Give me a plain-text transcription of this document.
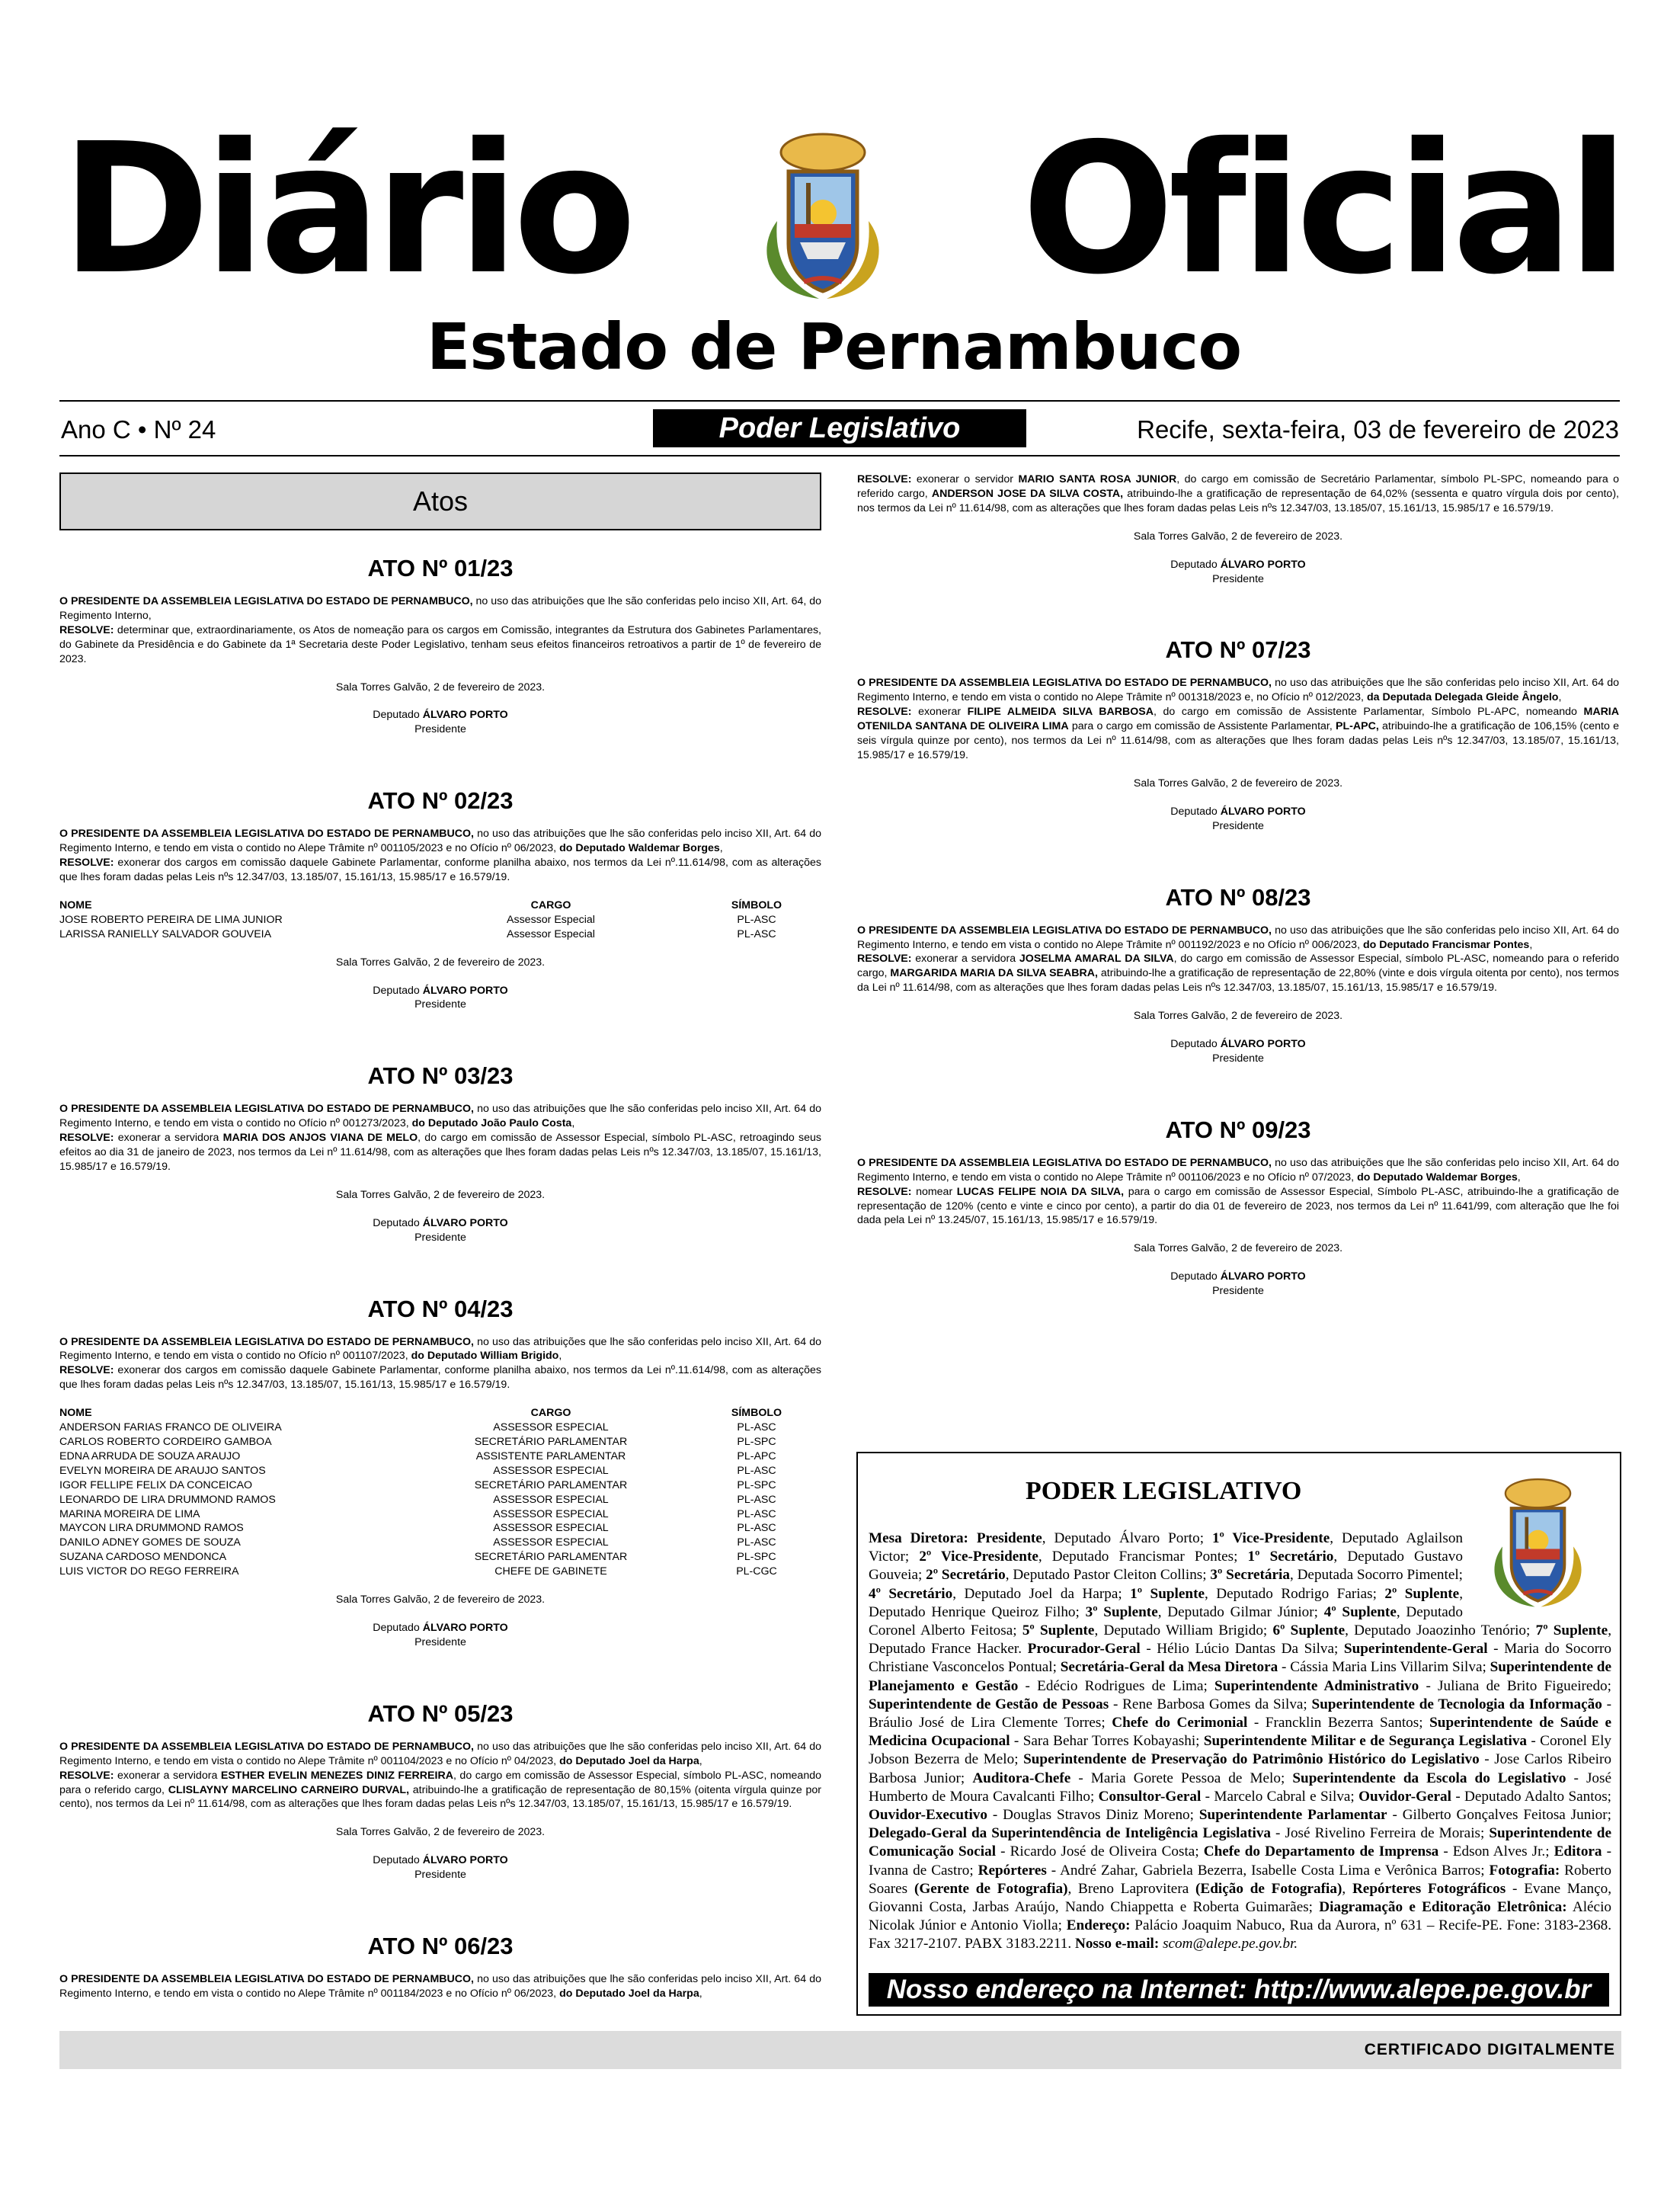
Diário Oficial
Estado de Pernambuco
Ano C • Nº 24	Poder Legislativo	Recife, sexta-feira, 03 de fevereiro de 2023
Atos
ATO Nº 01/23

O PRESIDENTE DA ASSEMBLEIA LEGISLATIVA DO ESTADO DE PERNAMBUCO, no uso das atribuições que lhe são conferidas pelo inciso XII, Art. 64, do Regimento Interno,
RESOLVE: determinar que, extraordinariamente, os Atos de nomeação para os cargos em Comissão, integrantes da Estrutura dos Gabinetes Parlamentares, do Gabinete da Presidência e do Gabinete da 1ª Secretaria deste Poder Legislativo, tenham seus efeitos financeiros retroativos a partir de 1º de fevereiro de 2023.

Sala Torres Galvão, 2 de fevereiro de 2023.

Deputado ÁLVARO PORTO
Presidente

ATO Nº 02/23

O PRESIDENTE DA ASSEMBLEIA LEGISLATIVA DO ESTADO DE PERNAMBUCO, no uso das atribuições que lhe são conferidas pelo inciso XII, Art. 64 do Regimento Interno, e tendo em vista o contido no Alepe Trâmite nº 001105/2023 e no Ofício nº 06/2023, do Deputado Waldemar Borges,
RESOLVE: exonerar dos cargos em comissão daquele Gabinete Parlamentar, conforme planilha abaixo, nos termos da Lei nº.11.614/98, com as alterações que lhes foram dadas pelas Leis nºs 12.347/03, 13.185/07, 15.161/13, 15.985/17 e 16.579/19.

NOME	CARGO	SÍMBOLO
JOSE ROBERTO PEREIRA DE LIMA JUNIOR	Assessor Especial	PL-ASC
LARISSA RANIELLY SALVADOR GOUVEIA	Assessor Especial	PL-ASC

Sala Torres Galvão, 2 de fevereiro de 2023.

Deputado ÁLVARO PORTO
Presidente

ATO Nº 03/23

O PRESIDENTE DA ASSEMBLEIA LEGISLATIVA DO ESTADO DE PERNAMBUCO, no uso das atribuições que lhe são conferidas pelo inciso XII, Art. 64 do Regimento Interno, e tendo em vista o contido no Ofício nº 001273/2023, do Deputado João Paulo Costa,
RESOLVE: exonerar a servidora MARIA DOS ANJOS VIANA DE MELO, do cargo em comissão de Assessor Especial, símbolo PL-ASC, retroagindo seus efeitos ao dia 31 de janeiro de 2023, nos termos da Lei nº 11.614/98, com as alterações que lhes foram dadas pelas Leis nºs 12.347/03, 13.185/07, 15.161/13, 15.985/17 e 16.579/19.

Sala Torres Galvão, 2 de fevereiro de 2023.

Deputado ÁLVARO PORTO
Presidente

ATO Nº 04/23

O PRESIDENTE DA ASSEMBLEIA LEGISLATIVA DO ESTADO DE PERNAMBUCO, no uso das atribuições que lhe são conferidas pelo inciso XII, Art. 64 do Regimento Interno, e tendo em vista o contido no Ofício nº 001107/2023, do Deputado William Brigido,
RESOLVE: exonerar dos cargos em comissão daquele Gabinete Parlamentar, conforme planilha abaixo, nos termos da Lei nº.11.614/98, com as alterações que lhes foram dadas pelas Leis nºs 12.347/03, 13.185/07, 15.161/13, 15.985/17 e 16.579/19.

NOME	CARGO	SÍMBOLO
ANDERSON FARIAS FRANCO DE OLIVEIRA	ASSESSOR ESPECIAL	PL-ASC
CARLOS ROBERTO CORDEIRO GAMBOA	SECRETÁRIO PARLAMENTAR	PL-SPC
EDNA ARRUDA DE SOUZA ARAUJO	ASSISTENTE PARLAMENTAR	PL-APC
EVELYN MOREIRA DE ARAUJO SANTOS	ASSESSOR ESPECIAL	PL-ASC
IGOR FELLIPE FELIX DA CONCEICAO	SECRETÁRIO PARLAMENTAR	PL-SPC
LEONARDO DE LIRA DRUMMOND RAMOS	ASSESSOR ESPECIAL	PL-ASC
MARINA MOREIRA DE LIMA	ASSESSOR ESPECIAL	PL-ASC
MAYCON LIRA DRUMMOND RAMOS	ASSESSOR ESPECIAL	PL-ASC
DANILO ADNEY GOMES DE SOUZA	ASSESSOR ESPECIAL	PL-ASC
SUZANA CARDOSO MENDONCA	SECRETÁRIO PARLAMENTAR	PL-SPC
LUIS VICTOR DO REGO FERREIRA	CHEFE DE GABINETE	PL-CGC

Sala Torres Galvão, 2 de fevereiro de 2023.

Deputado ÁLVARO PORTO
Presidente

ATO Nº 05/23

O PRESIDENTE DA ASSEMBLEIA LEGISLATIVA DO ESTADO DE PERNAMBUCO, no uso das atribuições que lhe são conferidas pelo inciso XII, Art. 64 do Regimento Interno, e tendo em vista o contido no Alepe Trâmite nº 001104/2023 e no Ofício nº 04/2023, do Deputado Joel da Harpa,
RESOLVE: exonerar a servidora ESTHER EVELIN MENEZES DINIZ FERREIRA, do cargo em comissão de Assessor Especial, símbolo PL-ASC, nomeando para o referido cargo, CLISLAYNY MARCELINO CARNEIRO DURVAL, atribuindo-lhe a gratificação de representação de 80,15% (oitenta vírgula quinze por cento), nos termos da Lei nº 11.614/98, com as alterações que lhes foram dadas pelas Leis nºs 12.347/03, 13.185/07, 15.161/13, 15.985/17 e 16.579/19.

Sala Torres Galvão, 2 de fevereiro de 2023.

Deputado ÁLVARO PORTO
Presidente

ATO Nº 06/23

O PRESIDENTE DA ASSEMBLEIA LEGISLATIVA DO ESTADO DE PERNAMBUCO, no uso das atribuições que lhe são conferidas pelo inciso XII, Art. 64 do Regimento Interno, e tendo em vista o contido no Alepe Trâmite nº 001184/2023 e no Ofício nº 06/2023, do Deputado Joel da Harpa,

RESOLVE: exonerar o servidor MARIO SANTA ROSA JUNIOR, do cargo em comissão de Secretário Parlamentar, símbolo PL-SPC, nomeando para o referido cargo, ANDERSON JOSE DA SILVA COSTA, atribuindo-lhe a gratificação de representação de 64,02% (sessenta e quatro vírgula dois por cento), nos termos da Lei nº 11.614/98, com as alterações que lhes foram dadas pelas Leis nºs 12.347/03, 13.185/07, 15.161/13, 15.985/17 e 16.579/19.

Sala Torres Galvão, 2 de fevereiro de 2023.

Deputado ÁLVARO PORTO
Presidente

ATO Nº 07/23

O PRESIDENTE DA ASSEMBLEIA LEGISLATIVA DO ESTADO DE PERNAMBUCO, no uso das atribuições que lhe são conferidas pelo inciso XII, Art. 64 do Regimento Interno, e tendo em vista o contido no Alepe Trâmite nº 001318/2023 e, no Ofício nº 012/2023, da Deputada Delegada Gleide Ângelo,
RESOLVE: exonerar FILIPE ALMEIDA SILVA BARBOSA, do cargo em comissão de Assistente Parlamentar, Símbolo PL-APC, nomeando MARIA OTENILDA SANTANA DE OLIVEIRA LIMA para o cargo em comissão de Assistente Parlamentar, PL-APC, atribuindo-lhe a gratificação de 106,15% (cento e seis vírgula quinze por cento), nos termos da Lei nº 11.614/98, com as alterações que lhes foram dadas pelas Leis nºs 12.347/03, 13.185/07, 15.161/13, 15.985/17 e 16.579/19.

Sala Torres Galvão, 2 de fevereiro de 2023.

Deputado ÁLVARO PORTO
Presidente

ATO Nº 08/23

O PRESIDENTE DA ASSEMBLEIA LEGISLATIVA DO ESTADO DE PERNAMBUCO, no uso das atribuições que lhe são conferidas pelo inciso XII, Art. 64 do Regimento Interno, e tendo em vista o contido no Alepe Trâmite nº 001192/2023 e no Ofício nº 006/2023, do Deputado Francismar Pontes,
RESOLVE: exonerar a servidora JOSELMA AMARAL DA SILVA, do cargo em comissão de Assessor Especial, símbolo PL-ASC, nomeando para o referido cargo, MARGARIDA MARIA DA SILVA SEABRA, atribuindo-lhe a gratificação de representação de 22,80% (vinte e dois vírgula oitenta por cento), nos termos da Lei nº 11.614/98, com as alterações que lhes foram dadas pelas Leis nºs 12.347/03, 13.185/07, 15.161/13, 15.985/17 e 16.579/19.

Sala Torres Galvão, 2 de fevereiro de 2023.

Deputado ÁLVARO PORTO
Presidente

ATO Nº 09/23

O PRESIDENTE DA ASSEMBLEIA LEGISLATIVA DO ESTADO DE PERNAMBUCO, no uso das atribuições que lhe são conferidas pelo inciso XII, Art. 64 do Regimento Interno, e tendo em vista o contido no Alepe Trâmite nº 001106/2023 e no Ofício nº 07/2023, do Deputado Waldemar Borges,
RESOLVE: nomear LUCAS FELIPE NOIA DA SILVA, para o cargo em comissão de Assessor Especial, Símbolo PL-ASC, atribuindo-lhe a gratificação de representação de 120% (cento e vinte e cinco por cento), a partir do dia 01 de fevereiro de 2023, nos termos da Lei nº 11.641/99, com alteração que lhe foi dada pela Lei nº 13.245/07, 15.161/13, 15.985/17 e 16.579/19.

Sala Torres Galvão, 2 de fevereiro de 2023.

Deputado ÁLVARO PORTO
Presidente

PODER LEGISLATIVO
Mesa Diretora: Presidente, Deputado Álvaro Porto; 1º Vice-Presidente, Deputado Aglailson Victor; 2º Vice-Presidente, Deputado Francismar Pontes; 1º Secretário, Deputado Gustavo Gouveia; 2º Secretário, Deputado Pastor Cleiton Collins; 3º Secretária, Deputada Socorro Pimentel; 4º Secretário, Deputado Joel da Harpa; 1º Suplente, Deputado Rodrigo Farias; 2º Suplente, Deputado Henrique Queiroz Filho; 3º Suplente, Deputado Gilmar Júnior; 4º Suplente, Deputado Coronel Alberto Feitosa; 5º Suplente, Deputado William Brigido; 6º Suplente, Deputado Joaozinho Tenório; 7º Suplente, Deputado France Hacker. Procurador-Geral - Hélio Lúcio Dantas Da Silva; Superintendente-Geral - Maria do Socorro Christiane Vasconcelos Pontual; Secretária-Geral da Mesa Diretora - Cássia Maria Lins Villarim Silva; Superintendente de Planejamento e Gestão - Edécio Rodrigues de Lima; Superintendente Administrativo - Juliana de Brito Figueiredo; Superintendente de Gestão de Pessoas - Rene Barbosa Gomes da Silva; Superintendente de Tecnologia da Informação - Bráulio José de Lira Clemente Torres; Chefe do Cerimonial - Francklin Bezerra Santos; Superintendente de Saúde e Medicina Ocupacional - Sara Behar Torres Kobayashi; Superintendente Militar e de Segurança Legislativa - Coronel Ely Jobson Bezerra de Melo; Superintendente de Preservação do Patrimônio Histórico do Legislativo - Jose Carlos Ribeiro Barbosa Junior; Auditora-Chefe - Maria Gorete Pessoa de Melo; Superintendente da Escola do Legislativo - José Humberto de Moura Cavalcanti Filho; Consultor-Geral - Marcelo Cabral e Silva; Ouvidor-Geral - Deputado Adalto Santos; Ouvidor-Executivo - Douglas Stravos Diniz Moreno; Superintendente Parlamentar - Gilberto Gonçalves Feitosa Junior; Delegado-Geral da Superintendência de Inteligência Legislativa - José Rivelino Ferreira de Morais; Superintendente de Comunicação Social - Ricardo José de Oliveira Costa; Chefe do Departamento de Imprensa - Edson Alves Jr.; Editora - Ivanna de Castro; Repórteres - André Zahar, Gabriela Bezerra, Isabelle Costa Lima e Verônica Barros; Fotografia: Roberto Soares (Gerente de Fotografia), Breno Laprovitera (Edição de Fotografia), Repórteres Fotográficos - Evane Manço, Giovanni Costa, Jarbas Araújo, Nando Chiappetta e Roberta Guimarães; Diagramação e Editoração Eletrônica: Alécio Nicolak Júnior e Antonio Violla; Endereço: Palácio Joaquim Nabuco, Rua da Aurora, nº 631 – Recife-PE. Fone: 3183-2368. Fax 3217-2107. PABX 3183.2211. Nosso e-mail: scom@alepe.pe.gov.br.
Nosso endereço na Internet: http://www.alepe.pe.gov.br
CERTIFICADO DIGITALMENTE
